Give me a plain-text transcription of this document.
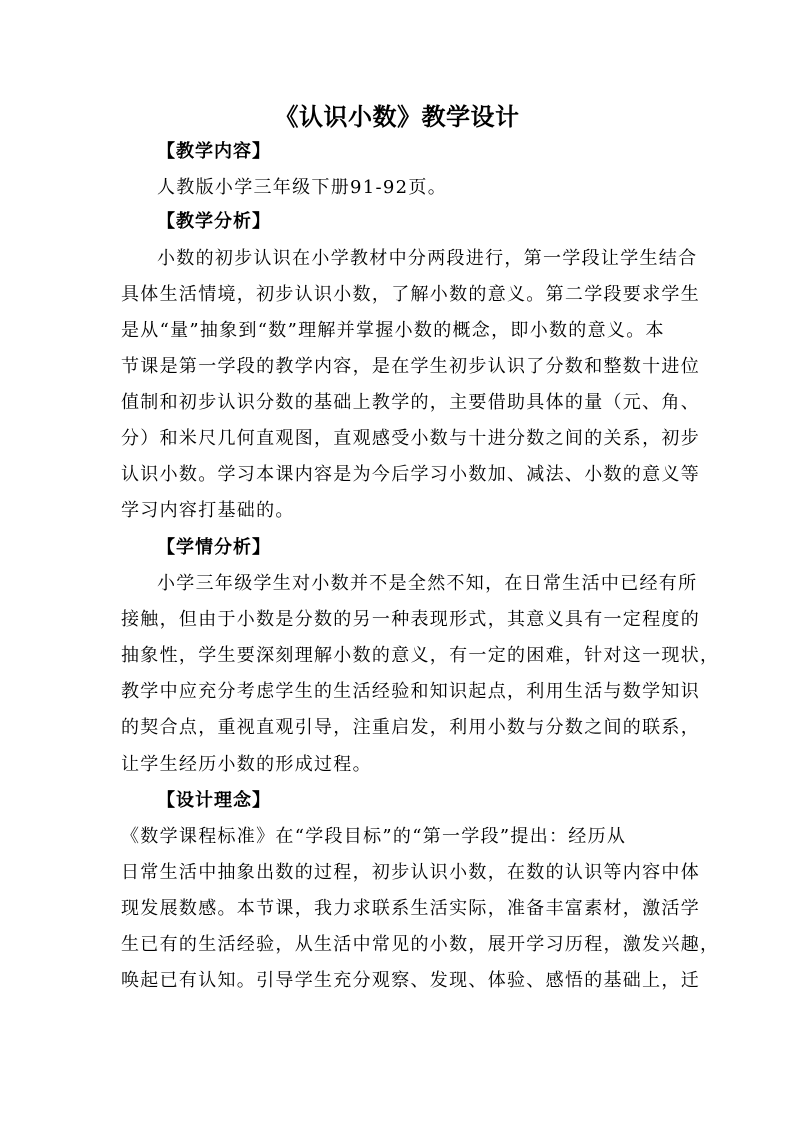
《认识小数》教学设计
【教学内容】
人教版小学三年级下册91-92页。
【教学分析】
小数的初步认识在小学教材中分两段进行，第一学段让学生结合
具体生活情境，初步认识小数，了解小数的意义。第二学段要求学生
是从“量”抽象到“数”理解并掌握小数的概念，即小数的意义。本
节课是第一学段的教学内容，是在学生初步认识了分数和整数十进位
值制和初步认识分数的基础上教学的，主要借助具体的量（元、角、
分）和米尺几何直观图，直观感受小数与十进分数之间的关系，初步
认识小数。学习本课内容是为今后学习小数加、减法、小数的意义等
学习内容打基础的。
【学情分析】
小学三年级学生对小数并不是全然不知，在日常生活中已经有所
接触，但由于小数是分数的另一种表现形式，其意义具有一定程度的
抽象性，学生要深刻理解小数的意义，有一定的困难，针对这一现状，
教学中应充分考虑学生的生活经验和知识起点，利用生活与数学知识
的契合点，重视直观引导，注重启发，利用小数与分数之间的联系，
让学生经历小数的形成过程。
【设计理念】
《数学课程标准》在“学段目标”的“第一学段”提出：经历从
日常生活中抽象出数的过程，初步认识小数，在数的认识等内容中体
现发展数感。本节课，我力求联系生活实际，准备丰富素材，激活学
生已有的生活经验，从生活中常见的小数，展开学习历程，激发兴趣，
唤起已有认知。引导学生充分观察、发现、体验、感悟的基础上，迁
